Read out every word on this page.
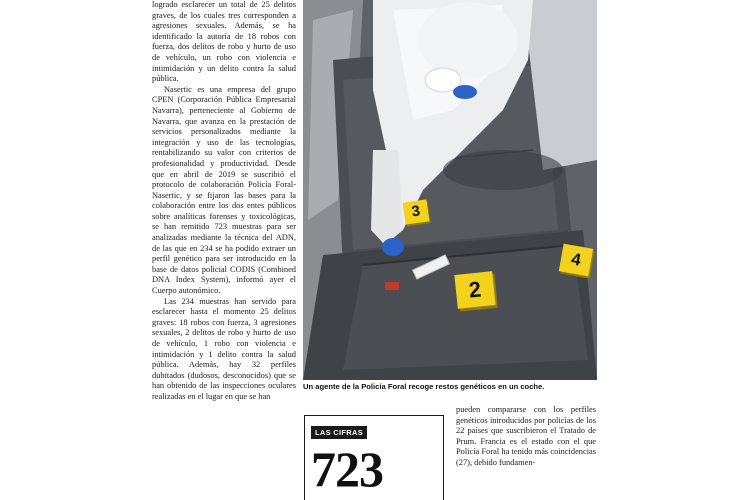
logrado esclarecer un total de 25 delitos graves, de los cuales tres corresponden a agresiones sexuales. Además, se ha identificado la autoría de 18 robos con fuerza, dos delitos de robo y hurto de uso de vehículo, un robo con violencia e intimidación y un delito contra la salud pública.

Nasertic es una empresa del grupo CPEN (Corporación Pública Empresarial Navarra), perteneciente al Gobierno de Navarra, que avanza en la prestación de servicios personalizados mediante la integración y uso de las tecnologías, rentabilizando su valor con criterios de profesionalidad y productividad. Desde que en abril de 2019 se suscribió el protocolo de colaboración Policía Foral-Nasertic, y se fijaron las bases para la colaboración entre los dos entes públicos sobre analíticas forenses y toxicológicas, se han remitido 723 muestras para ser analizadas mediante la técnica del ADN, de las que en 234 se ha podido extraer un perfil genético para ser introducido en la base de datos policial CODIS (Combined DNA Index System), informó ayer el Cuerpo autonómico.

Las 234 muestras han servido para esclarecer hasta el momento 25 delitos graves: 18 robos con fuerza, 3 agresiones sexuales, 2 delitos de robo y hurto de uso de vehículo, 1 robo con violencia e intimidación y 1 delito contra la salud pública. Además, hay 32 perfiles dubitados (dudosos, desconocidos) que se han obtenido de las inspecciones oculares realizadas en el lugar en que se han

3
2
4
Un agente de la Policía Foral recoge restos genéticos en un coche.
LAS CIFRAS
723

pueden compararse con los perfiles genéticos introducidos por policías de los 22 países que suscribieron el Tratado de Prum. Francia es el estado con el que Policía Foral ha tenido más coincidencias (27), debido fundamen-
